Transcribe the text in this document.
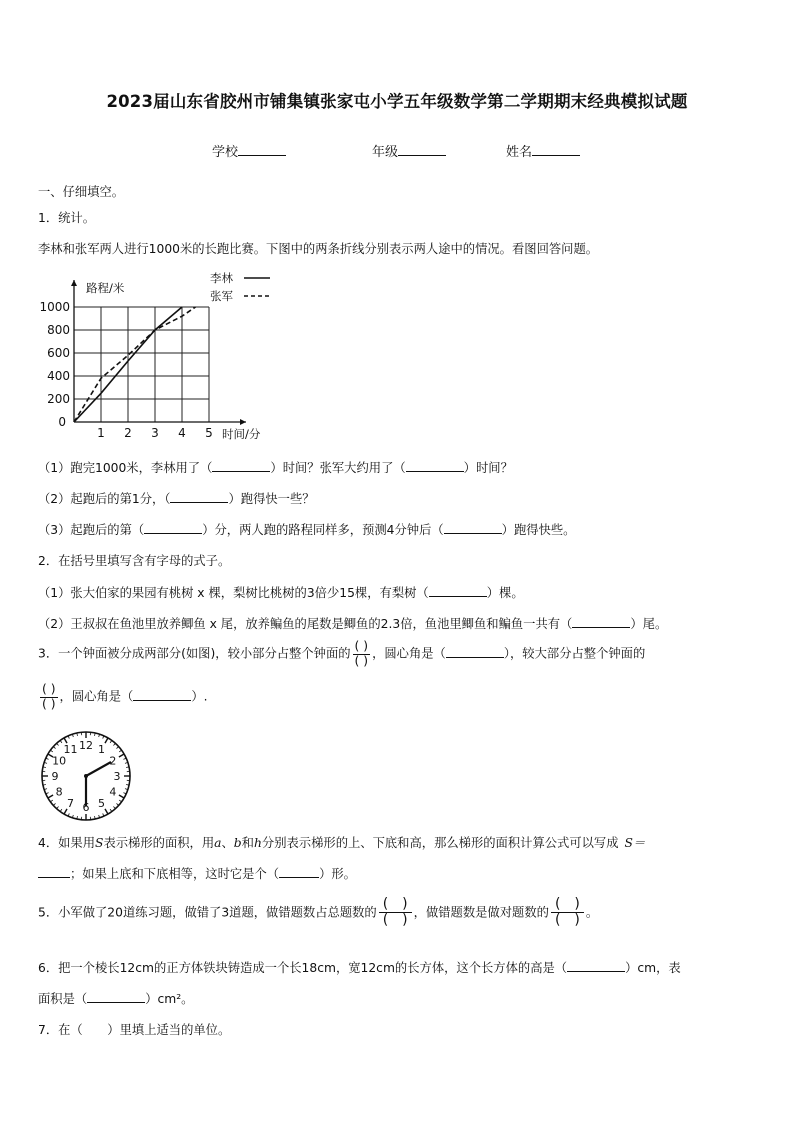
2023届山东省胶州市铺集镇张家屯小学五年级数学第二学期期末经典模拟试题
学校	年级	姓名
一、仔细填空。
1．统计。
李林和张军两人进行1000米的长跑比赛。下图中的两条折线分别表示两人途中的情况。看图回答问题。
1 2 3 4 5
200
400
600
800
1000
0
路程/米
时间/分
李林
张军
（1）跑完1000米，李林用了（	）时间？张军大约用了（	）时间？
（2）起跑后的第1分，（	）跑得快一些？
（3）起跑后的第（	）分，两人跑的路程同样多，预测4分钟后（	）跑得快些。
2．在括号里填写含有字母的式子。
（1）张大伯家的果园有桃树 x 棵，梨树比桃树的3倍少15棵，有梨树（	）棵。
（2）王叔叔在鱼池里放养鲫鱼 x 尾，放养鳊鱼的尾数是鲫鱼的2.3倍，鱼池里鲫鱼和鳊鱼一共有（	）尾。
3．一个钟面被分成两部分(如图)，较小部分占整个钟面的 $\frac{( )}{( )}$ ，圆心角是（	），较大部分占整个钟面的
$\frac{( )}{( )}$ ，圆心角是（	）.
12 1
2
3
4
5
6
7
8
9
10
11
4．如果用S表示梯形的面积，用a、b和h分别表示梯形的上、下底和高，那么梯形的面积计算公式可以写成 S＝
；如果上底和下底相等，这时它是个（	）形。
5．小军做了20道练习题，做错了3道题，做错题数占总题数的 $\frac{( )}{( )}$ ，做错题数是做对题数的 $\frac{( )}{( )}$ 。
6．把一个棱长12cm的正方体铁块铸造成一个长18cm，宽12cm的长方体，这个长方体的高是（	）cm，表
面积是（	）cm²。
7．在（　　）里填上适当的单位。
